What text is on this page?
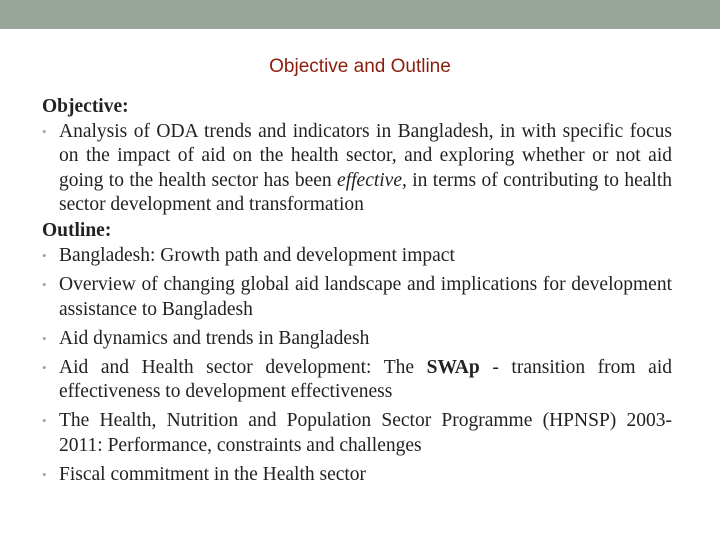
Objective and Outline
Objective:
• Analysis of ODA trends and indicators in Bangladesh, in with specific focus on the impact of aid on the health sector, and exploring whether or not aid going to the health sector has been effective, in terms of contributing to health sector development and transformation
Outline:
• Bangladesh: Growth path and development impact
• Overview of changing global aid landscape and implications for development assistance to Bangladesh
• Aid dynamics and trends in Bangladesh
• Aid and Health sector development: The SWAp - transition from aid effectiveness to development effectiveness
• The Health, Nutrition and Population Sector Programme (HPNSP) 2003-2011: Performance, constraints and challenges
• Fiscal commitment in the Health sector
